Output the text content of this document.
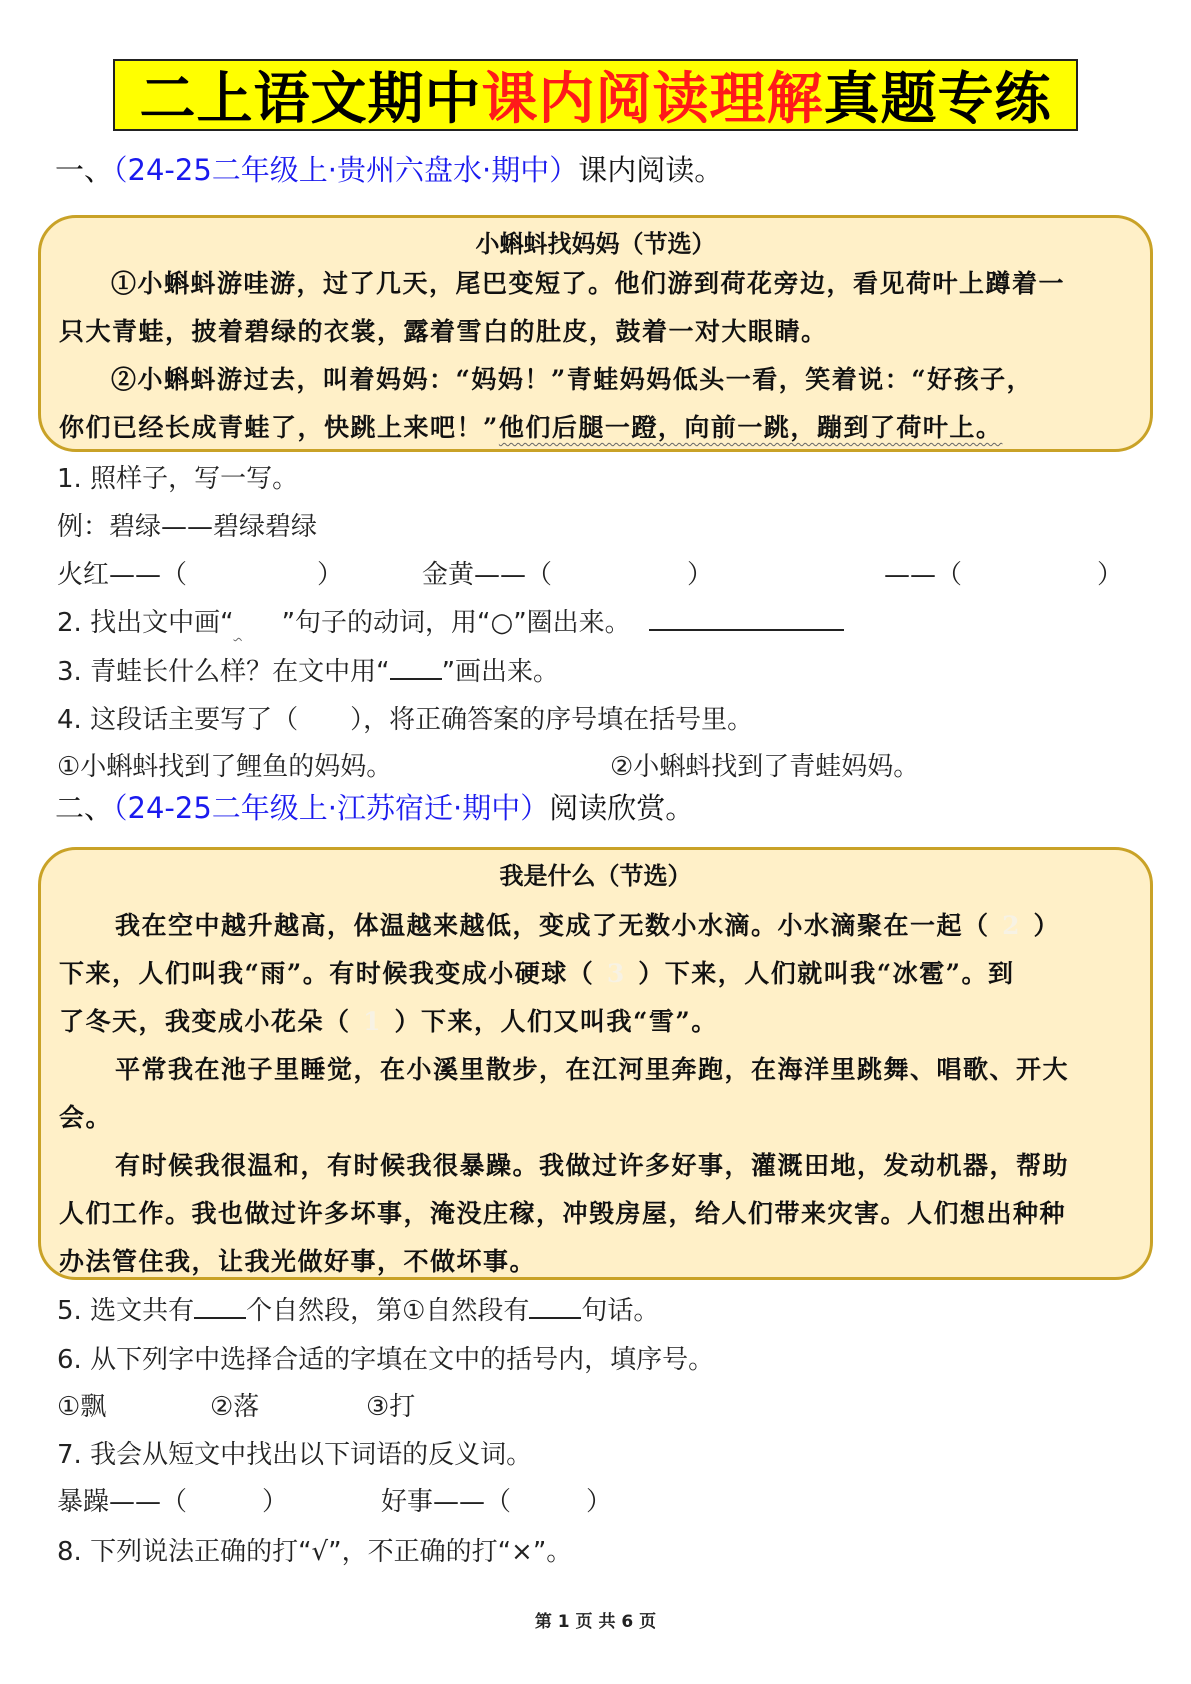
二上语文期中 课内阅读理解 真题专练
一、（24-25二年级上·贵州六盘水·期中）课内阅读。
小蝌蚪找妈妈（节选）
①小蝌蚪游哇游，过了几天，尾巴变短了。他们游到荷花旁边，看见荷叶上蹲着一
只大青蛙，披着碧绿的衣裳，露着雪白的肚皮，鼓着一对大眼睛。
②小蝌蚪游过去，叫着妈妈：“妈妈！”青蛙妈妈低头一看，笑着说：“好孩子，
你们已经长成青蛙了，快跳上来吧！”他们后腿一蹬，向前一跳，蹦到了荷叶上。
1. 照样子，写一写。
例：碧绿——碧绿碧绿
火红——（	）	金黄——（	）	——（	）
2. 找出文中画“ ”句子的动词，用“○”圈出来。
3. 青蛙长什么样？在文中用“ ”画出来。
4. 这段话主要写了（　　），将正确答案的序号填在括号里。
①小蝌蚪找到了鲤鱼的妈妈。	②小蝌蚪找到了青蛙妈妈。
二、（24-25二年级上·江苏宿迁·期中）阅读欣赏。
我是什么（节选）
我在空中越升越高，体温越来越低，变成了无数小水滴。小水滴聚在一起（ 2 ）
下来，人们叫我“雨”。有时候我变成小硬球（ 3 ）下来，人们就叫我“冰雹”。到
了冬天，我变成小花朵（ 1 ）下来，人们又叫我“雪”。
平常我在池子里睡觉，在小溪里散步，在江河里奔跑，在海洋里跳舞、唱歌、开大
会。
有时候我很温和，有时候我很暴躁。我做过许多好事，灌溉田地，发动机器，帮助
人们工作。我也做过许多坏事，淹没庄稼，冲毁房屋，给人们带来灾害。人们想出种种
办法管住我，让我光做好事，不做坏事。
5. 选文共有 个自然段，第①自然段有 句话。
6. 从下列字中选择合适的字填在文中的括号内，填序号。
①飘	②落	③打
7. 我会从短文中找出以下词语的反义词。
暴躁——（	）	好事——（	）
8. 下列说法正确的打“√”，不正确的打“×”。
第 1 页 共 6 页
